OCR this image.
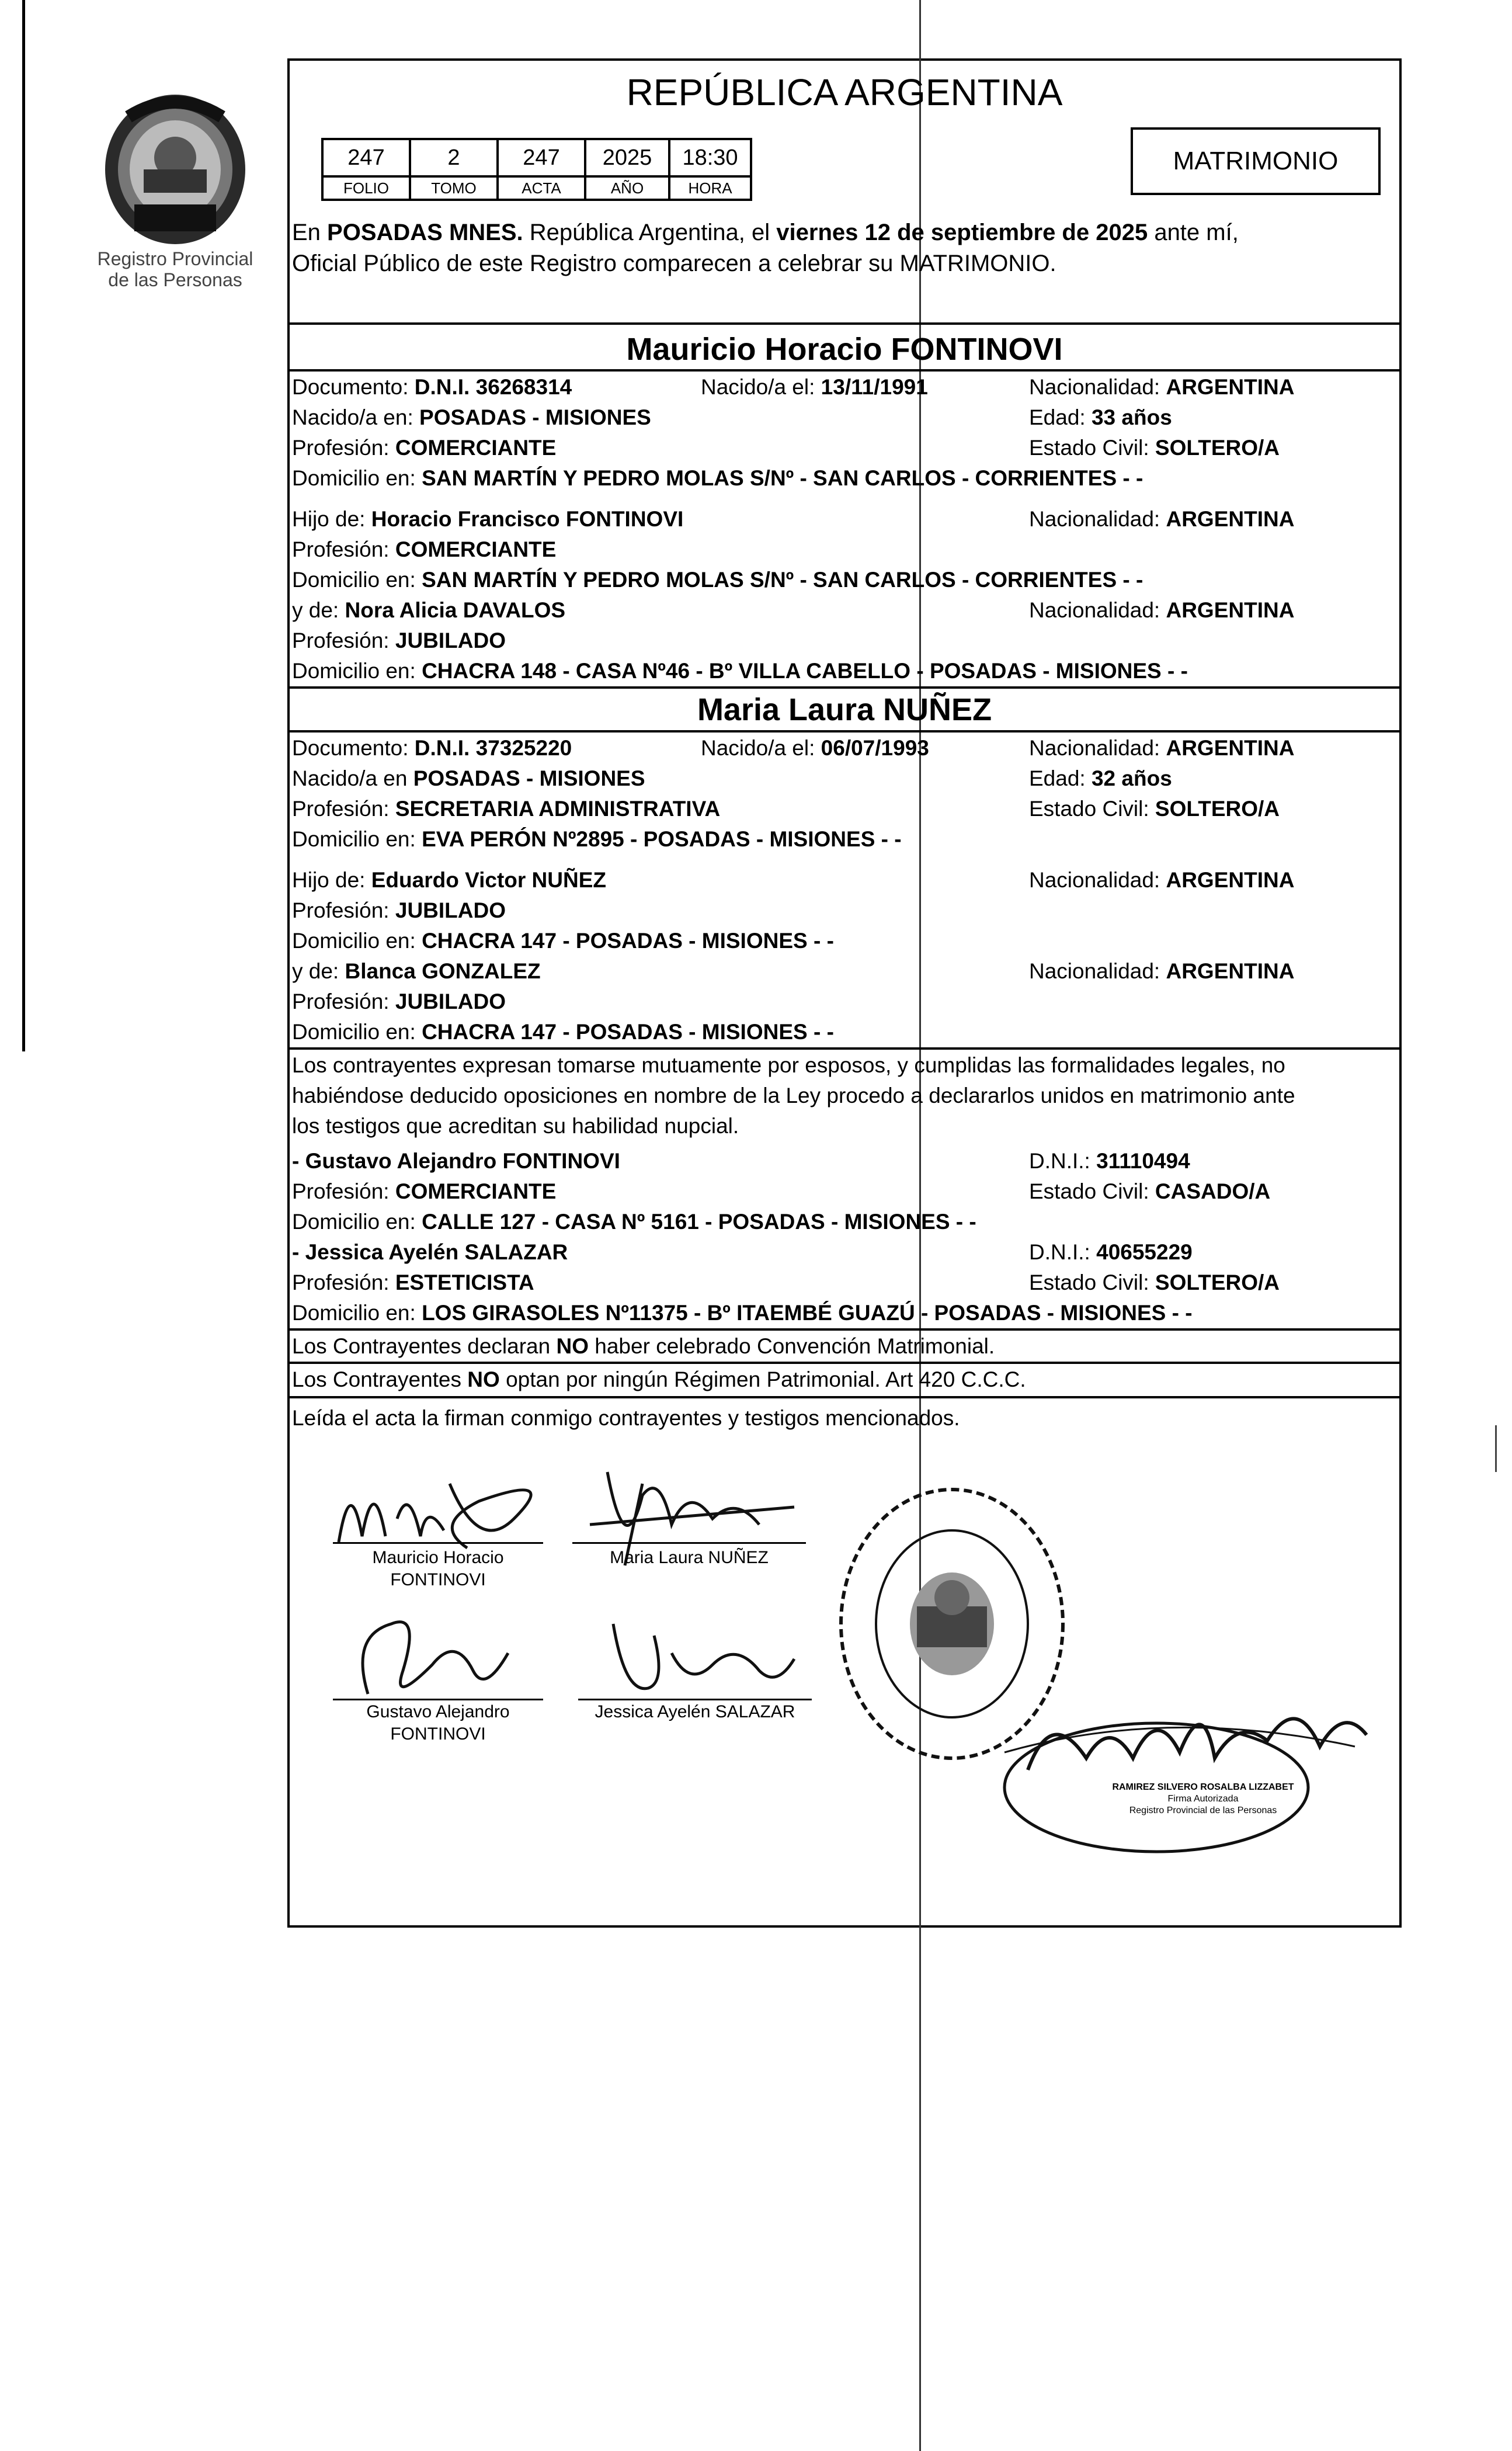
Registro Provincial
de las Personas
REPÚBLICA ARGENTINA
247	2	247	2025	18:30
FOLIO	TOMO	ACTA	AÑO	HORA
MATRIMONIO
En POSADAS MNES. República Argentina, el viernes 12 de septiembre de 2025 ante mí,
Oficial Público de este Registro comparecen a celebrar su MATRIMONIO.
Mauricio Horacio FONTINOVI
Documento: D.N.I. 36268314	Nacido/a el: 13/11/1991	Nacionalidad: ARGENTINA
Nacido/a en: POSADAS - MISIONES	Edad: 33 años
Profesión: COMERCIANTE	Estado Civil: SOLTERO/A
Domicilio en: SAN MARTÍN Y PEDRO MOLAS S/Nº - SAN CARLOS - CORRIENTES - -
Hijo de: Horacio Francisco FONTINOVI	Nacionalidad: ARGENTINA
Profesión: COMERCIANTE
Domicilio en: SAN MARTÍN Y PEDRO MOLAS S/Nº - SAN CARLOS - CORRIENTES - -
y de: Nora Alicia DAVALOS	Nacionalidad: ARGENTINA
Profesión: JUBILADO
Domicilio en: CHACRA 148 - CASA Nº46 - Bº VILLA CABELLO - POSADAS - MISIONES - -
Maria Laura NUÑEZ
Documento: D.N.I. 37325220	Nacido/a el: 06/07/1993	Nacionalidad: ARGENTINA
Nacido/a en POSADAS - MISIONES	Edad: 32 años
Profesión: SECRETARIA ADMINISTRATIVA	Estado Civil: SOLTERO/A
Domicilio en: EVA PERÓN Nº2895 - POSADAS - MISIONES - -
Hijo de: Eduardo Victor NUÑEZ	Nacionalidad: ARGENTINA
Profesión: JUBILADO
Domicilio en: CHACRA 147 - POSADAS - MISIONES - -
y de: Blanca GONZALEZ	Nacionalidad: ARGENTINA
Profesión: JUBILADO
Domicilio en: CHACRA 147 - POSADAS - MISIONES - -
Los contrayentes expresan tomarse mutuamente por esposos, y cumplidas las formalidades legales, no
habiéndose deducido oposiciones en nombre de la Ley procedo a declararlos unidos en matrimonio ante
los testigos que acreditan su habilidad nupcial.
- Gustavo Alejandro FONTINOVI	D.N.I.: 31110494
Profesión: COMERCIANTE	Estado Civil: CASADO/A
Domicilio en: CALLE 127 - CASA Nº 5161 - POSADAS - MISIONES - -
- Jessica Ayelén SALAZAR	D.N.I.: 40655229
Profesión: ESTETICISTA	Estado Civil: SOLTERO/A
Domicilio en: LOS GIRASOLES Nº11375 - Bº ITAEMBÉ GUAZÚ - POSADAS - MISIONES - -
Los Contrayentes declaran NO haber celebrado Convención Matrimonial.
Los Contrayentes NO optan por ningún Régimen Patrimonial. Art 420 C.C.C.
Leída el acta la firman conmigo contrayentes y testigos mencionados.
Mauricio Horacio
FONTINOVI
Maria Laura NUÑEZ
Gustavo Alejandro
FONTINOVI
Jessica Ayelén SALAZAR
RAMIREZ SILVERO ROSALBA LIZZABET
Firma Autorizada
Registro Provincial de las Personas
